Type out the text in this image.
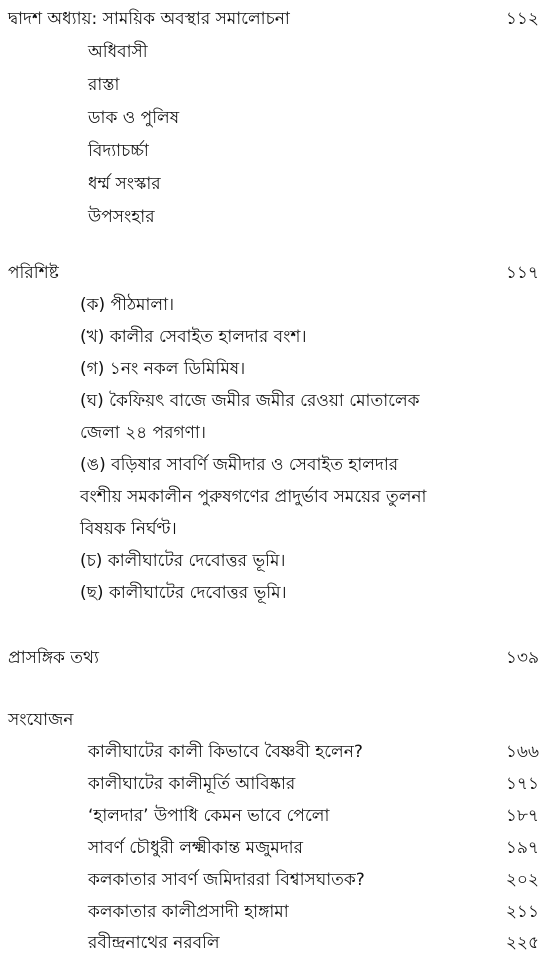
দ্বাদশ অধ্যায়: সাময়িক অবস্থার সমালোচনা	১১২
অধিবাসী
রাস্তা
ডাক ও পুলিষ
বিদ্যাচর্চ্চা
ধর্ম্ম সংস্কার
উপসংহার
পরিশিষ্ট	১১৭
(ক) পীঠমালা।
(খ) কালীর সেবাইত হালদার বংশ।
(গ) ১নং নকল ডিমিমিষ।
(ঘ) কৈফিয়ৎ বাজে জমীর জমীর রেওয়া মোতালেক
জেলা ২৪ পরগণা।
(ঙ) বড়িষার সাবর্ণি জমীদার ও সেবাইত হালদার
বংশীয় সমকালীন পুরুষগণের প্রাদুর্ভাব সময়ের তুলনা
বিষয়ক নির্ঘণ্ট।
(চ) কালীঘাটের দেবোত্তর ভূমি।
(ছ) কালীঘাটের দেবোত্তর ভূমি।
প্রাসঙ্গিক তথ্য	১৩৯
সংযোজন
কালীঘাটের কালী কিভাবে বৈষ্ণবী হলেন?	১৬৬
কালীঘাটের কালীমূর্তি আবিষ্কার	১৭১
‘হালদার’ উপাধি কেমন ভাবে পেলো	১৮৭
সাবর্ণ চৌধুরী লক্ষ্মীকান্ত মজুমদার	১৯৭
কলকাতার সাবর্ণ জমিদাররা বিশ্বাসঘাতক?	২০২
কলকাতার কালীপ্রসাদী হাঙ্গামা	২১১
রবীন্দ্রনাথের নরবলি	২২৫
